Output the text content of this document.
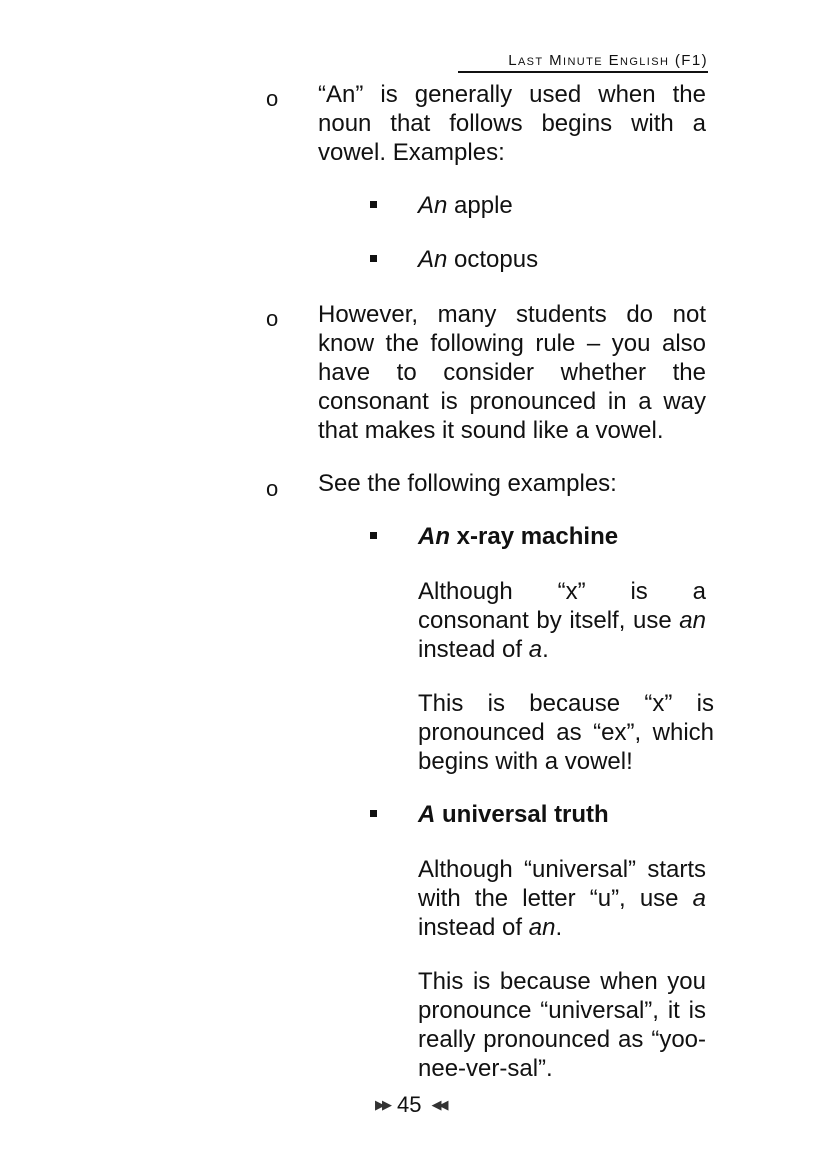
Last Minute English (F1)
o “An” is generally used when the noun that follows begins with a vowel. Examples:
An apple
An octopus
o However, many students do not know the following rule – you also have to consider whether the consonant is pronounced in a way that makes it sound like a vowel.
o See the following examples:
An x-ray machine
Although “x” is a consonant by itself, use an instead of a.
This is because “x” is pronounced as “ex”, which begins with a vowel!
A universal truth
Although “universal” starts with the letter “u”, use a instead of an.
This is because when you pronounce “universal”, it is really pronounced as “yoo-nee-ver-sal”.
▶▶ 45 ◀◀
